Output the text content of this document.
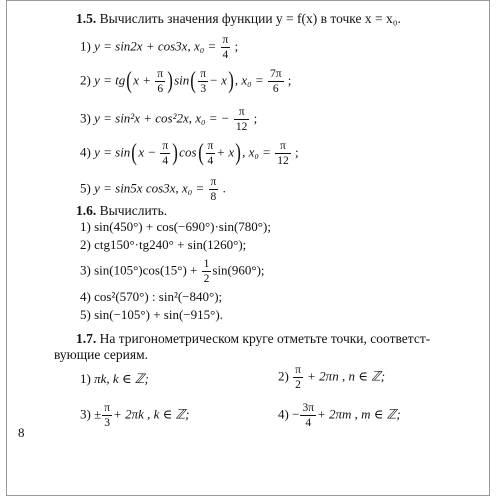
1.5. Вычислить значения функции y = f(x) в точке x = x₀.
1) y = sin2x + cos3x, $x_0 = \frac{\pi}{4}$ ;
2) $y = tg(x + \frac{\pi}{6} )\sin( \frac{\pi}{3} - x)$, $x_0 = \frac{7\pi}{6}$ ;
3) y = sin²x + cos²2x, x₀ = − $\frac{\pi}{12}$ ;
4) $y = \sin(x - \frac{\pi}{4} )\cos( \frac{\pi}{4} + x)$, $x_0 = \frac{\pi}{12}$ ;
5) y = sin5x cos3x, $x_0 = \frac{\pi}{8}$ .
1.6. Вычислить.
1) sin(450°) + cos(−690°)·sin(780°);
2) ctg150°·tg240° + sin(1260°);
3) $\sin(105^\circ)\cos(15^\circ) + \frac{1}{2} \sin(960^\circ)$;
4) cos²(570°) : sin²(−840°);
5) sin(−105°) + sin(−915°).
1.7. На тригонометрическом круге отметьте точки, соответст-
вующие сериям.
1) πk, k ∈ ℤ;	$2) \frac{\pi}{2} + 2\pi n$ , n ∈ ℤ;
$3) \pm \frac{\pi}{3} + 2\pi k$ , k ∈ ℤ;	$4) - \frac{3\pi}{4} + 2\pi m$ , m ∈ ℤ;
8
